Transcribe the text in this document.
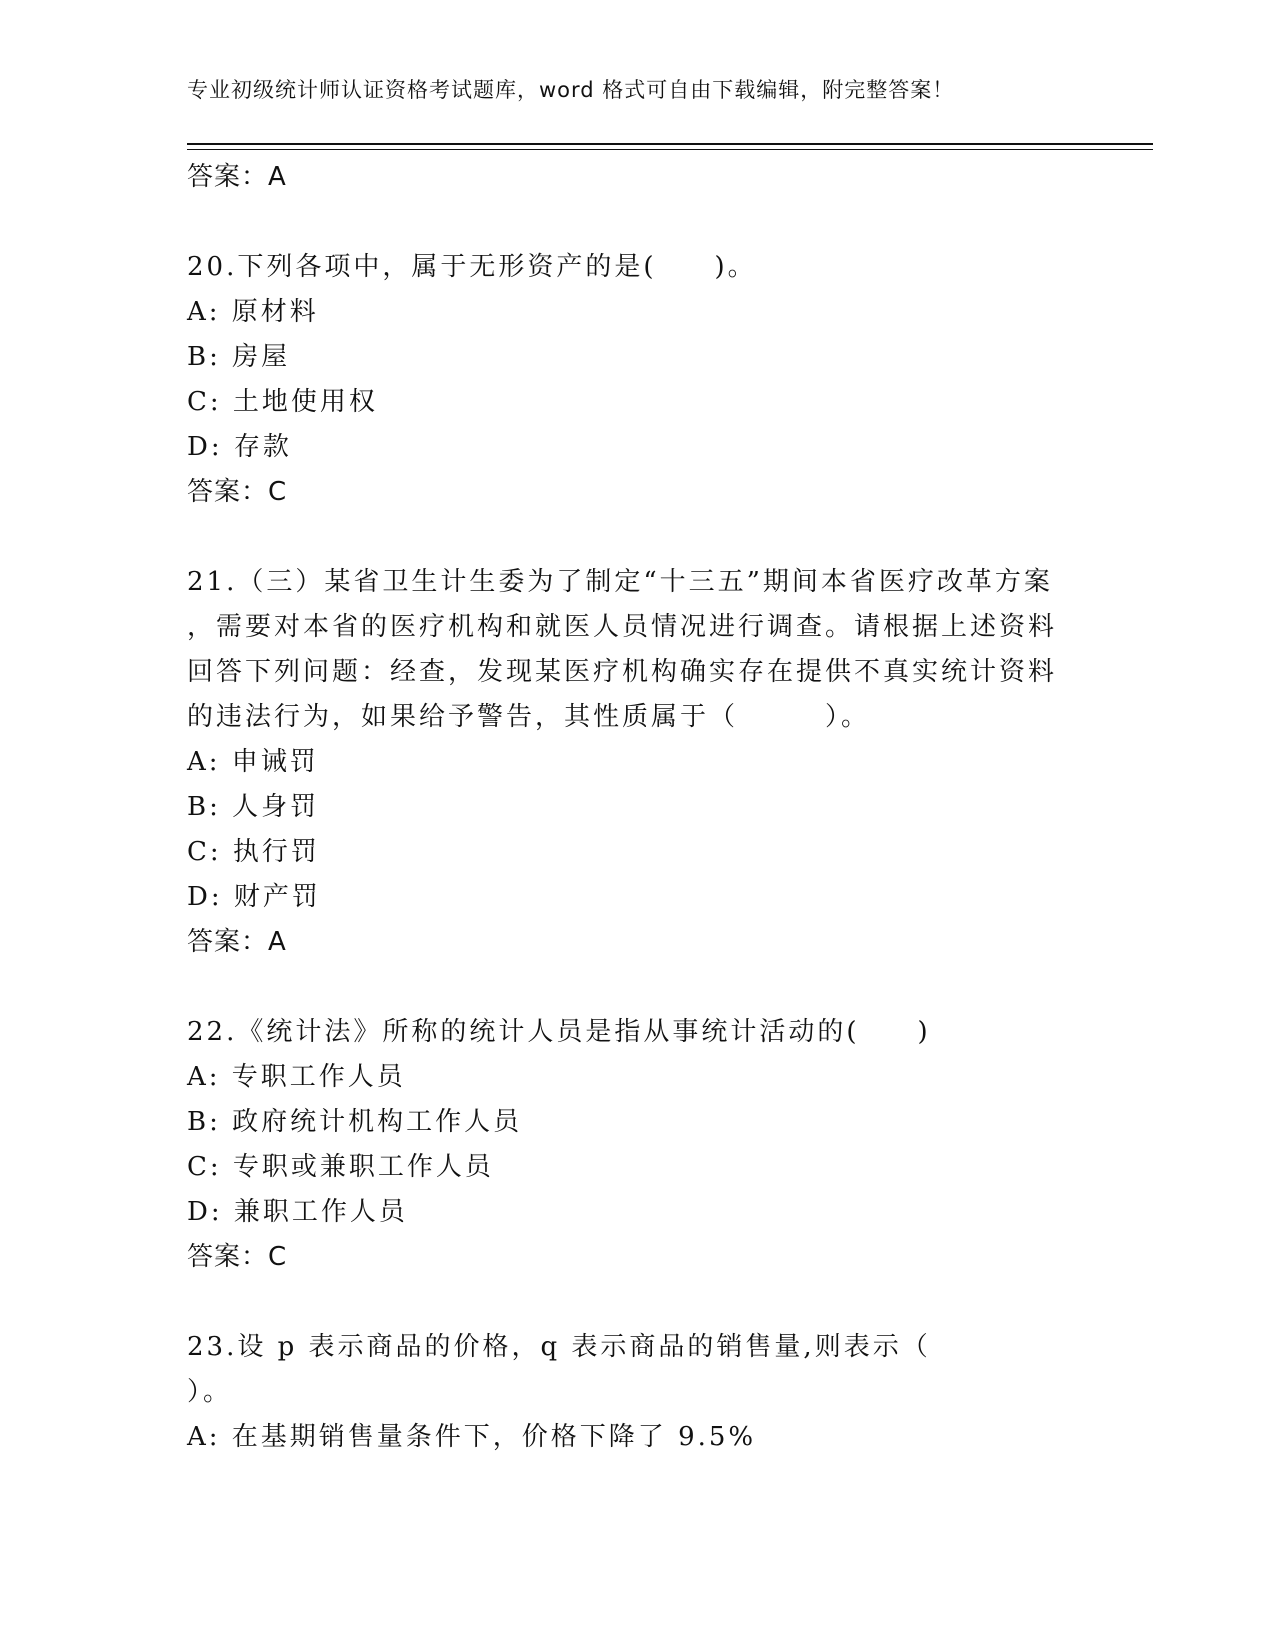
专业初级统计师认证资格考试题库，word 格式可自由下载编辑，附完整答案！
答案：A
20.下列各项中，属于无形资产的是(　　)。
A: 原材料
B: 房屋
C: 土地使用权
D: 存款
答案：C
21.（三）某省卫生计生委为了制定“十三五”期间本省医疗改革方案
，需要对本省的医疗机构和就医人员情况进行调查。请根据上述资料
回答下列问题：经查，发现某医疗机构确实存在提供不真实统计资料
的违法行为，如果给予警告，其性质属于（　　　）。
A: 申诫罚
B: 人身罚
C: 执行罚
D: 财产罚
答案：A
22.《统计法》所称的统计人员是指从事统计活动的(　　)
A: 专职工作人员
B: 政府统计机构工作人员
C: 专职或兼职工作人员
D: 兼职工作人员
答案：C
23.设 p 表示商品的价格，q 表示商品的销售量,则表示（
）。
A: 在基期销售量条件下，价格下降了 9.5%
